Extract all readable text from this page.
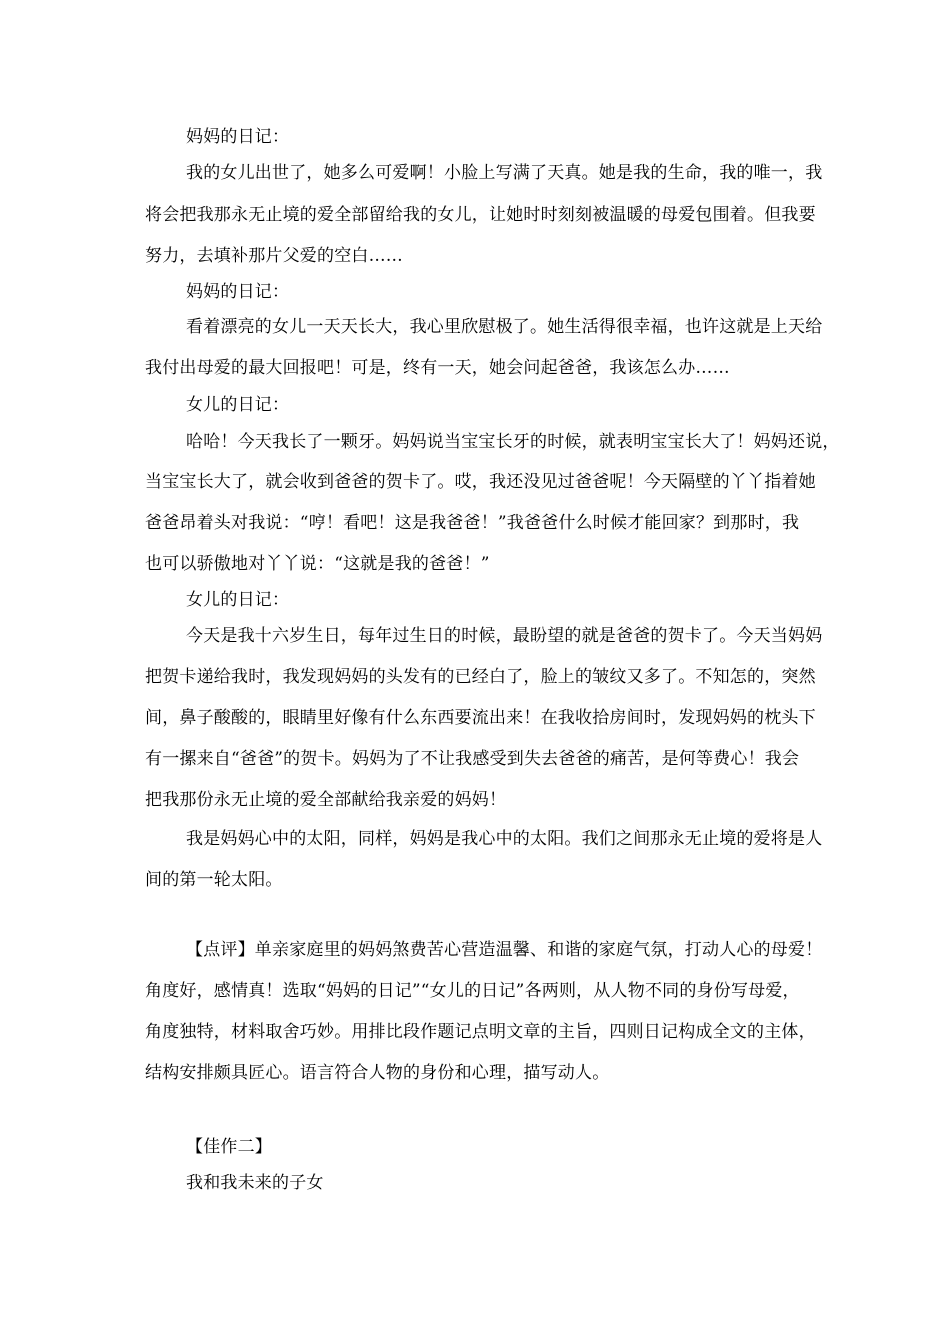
妈妈的日记：
我的女儿出世了，她多么可爱啊！小脸上写满了天真。她是我的生命，我的唯一，我
将会把我那永无止境的爱全部留给我的女儿，让她时时刻刻被温暖的母爱包围着。但我要
努力，去填补那片父爱的空白……
妈妈的日记：
看着漂亮的女儿一天天长大，我心里欣慰极了。她生活得很幸福，也许这就是上天给
我付出母爱的最大回报吧！可是，终有一天，她会问起爸爸，我该怎么办……
女儿的日记：
哈哈！今天我长了一颗牙。妈妈说当宝宝长牙的时候，就表明宝宝长大了！妈妈还说，
当宝宝长大了，就会收到爸爸的贺卡了。哎，我还没见过爸爸呢！今天隔壁的丫丫指着她
爸爸昂着头对我说：“哼！看吧！这是我爸爸！”我爸爸什么时候才能回家？到那时，我
也可以骄傲地对丫丫说：“这就是我的爸爸！”
女儿的日记：
今天是我十六岁生日，每年过生日的时候，最盼望的就是爸爸的贺卡了。今天当妈妈
把贺卡递给我时，我发现妈妈的头发有的已经白了，脸上的皱纹又多了。不知怎的，突然
间，鼻子酸酸的，眼睛里好像有什么东西要流出来！在我收拾房间时，发现妈妈的枕头下
有一摞来自“爸爸”的贺卡。妈妈为了不让我感受到失去爸爸的痛苦，是何等费心！我会
把我那份永无止境的爱全部献给我亲爱的妈妈！
我是妈妈心中的太阳，同样，妈妈是我心中的太阳。我们之间那永无止境的爱将是人
间的第一轮太阳。
【点评】单亲家庭里的妈妈煞费苦心营造温馨、和谐的家庭气氛，打动人心的母爱！
角度好，感情真！选取“妈妈的日记”“女儿的日记”各两则，从人物不同的身份写母爱，
角度独特，材料取舍巧妙。用排比段作题记点明文章的主旨，四则日记构成全文的主体，
结构安排颇具匠心。语言符合人物的身份和心理，描写动人。
【佳作二】
我和我未来的子女
